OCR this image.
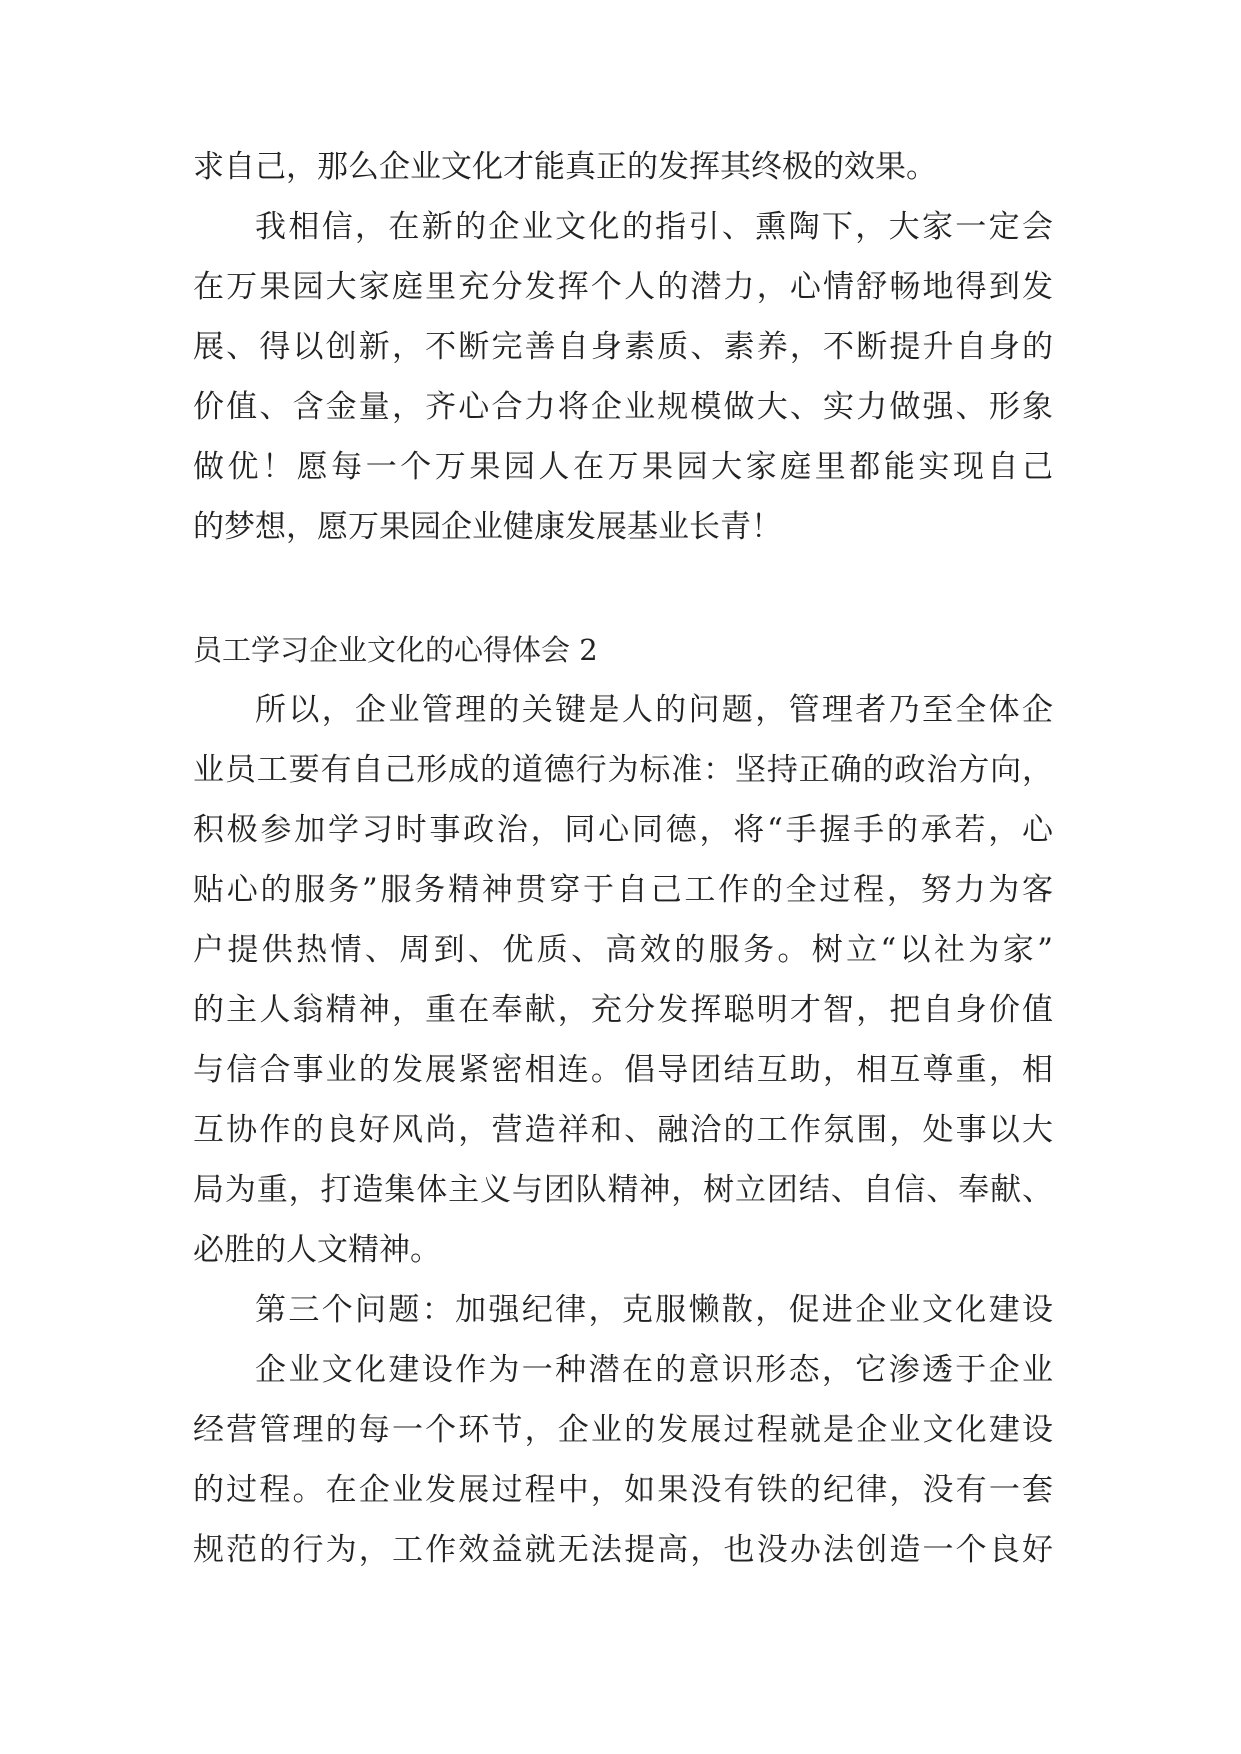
求自己，那么企业文化才能真正的发挥其终极的效果。
我相信，在新的企业文化的指引、熏陶下，大家一定会
在万果园大家庭里充分发挥个人的潜力，心情舒畅地得到发
展、得以创新，不断完善自身素质、素养，不断提升自身的
价值、含金量，齐心合力将企业规模做大、实力做强、形象
做优！愿每一个万果园人在万果园大家庭里都能实现自己
的梦想，愿万果园企业健康发展基业长青！
员工学习企业文化的心得体会 2
所以，企业管理的关键是人的问题，管理者乃至全体企
业员工要有自己形成的道德行为标准：坚持正确的政治方向，
积极参加学习时事政治，同心同德，将“手握手的承若，心
贴心的服务”服务精神贯穿于自己工作的全过程，努力为客
户提供热情、周到、优质、高效的服务。树立“以社为家”
的主人翁精神，重在奉献，充分发挥聪明才智，把自身价值
与信合事业的发展紧密相连。倡导团结互助，相互尊重，相
互协作的良好风尚，营造祥和、融洽的工作氛围，处事以大
局为重，打造集体主义与团队精神，树立团结、自信、奉献、
必胜的人文精神。
第三个问题：加强纪律，克服懒散，促进企业文化建设
企业文化建设作为一种潜在的意识形态，它渗透于企业
经营管理的每一个环节，企业的发展过程就是企业文化建设
的过程。在企业发展过程中，如果没有铁的纪律，没有一套
规范的行为，工作效益就无法提高，也没办法创造一个良好
